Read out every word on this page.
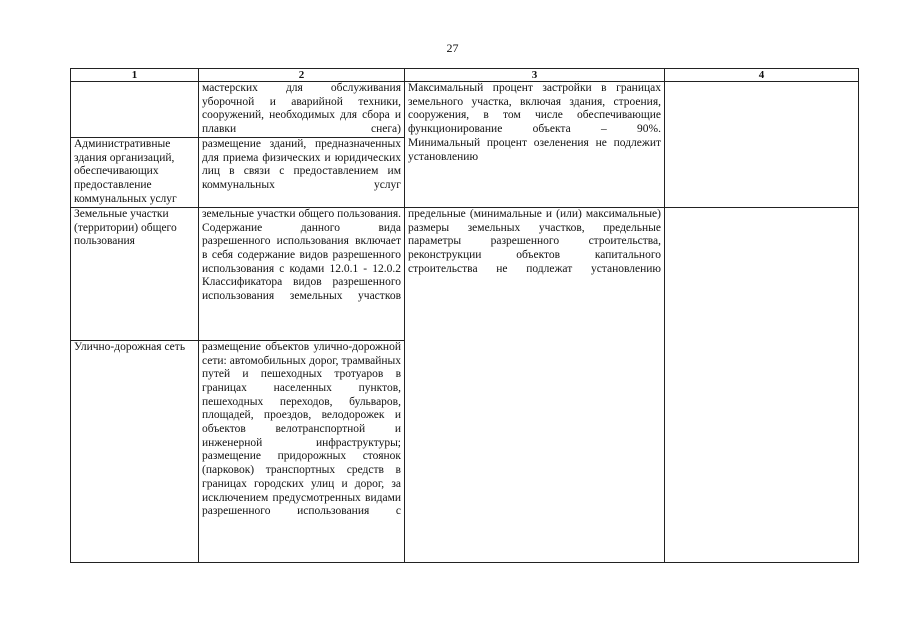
27
1	2	3	4
	мастерских для обслуживания уборочной и аварийной техники, сооружений, необходимых для сбора и плавки снега)	Максимальный процент застройки в границах земельного участка, включая здания, строения, сооружения, в том числе обеспечивающие функционирование объекта – 90%.
Минимальный процент озеленения не подлежит установлению	

Административные здания организаций, обеспечивающих предоставление коммунальных услуг	размещение зданий, предназначенных для приема физических и юридических лиц в связи с предоставлением им коммунальных услуг		
Земельные участки (территории) общего пользования	земельные участки общего пользования. Содержание данного вида разрешенного использования включает в себя содержание видов разрешенного использования с кодами 12.0.1 - 12.0.2 Классификатора видов разрешенного использования земельных участков	предельные (минимальные и (или) максимальные) размеры земельных участков, предельные параметры разрешенного строительства, реконструкции объектов капитального строительства не подлежат установлению	
Улично-дорожная сеть	размещение объектов улично-дорожной сети: автомобильных дорог, трамвайных путей и пешеходных тротуаров в границах населенных пунктов, пешеходных переходов, бульваров, площадей, проездов, велодорожек и объектов велотранспортной и инженерной инфраструктуры;
размещение придорожных стоянок (парковок) транспортных средств в границах городских улиц и дорог, за исключением предусмотренных видами разрешенного использования с		
